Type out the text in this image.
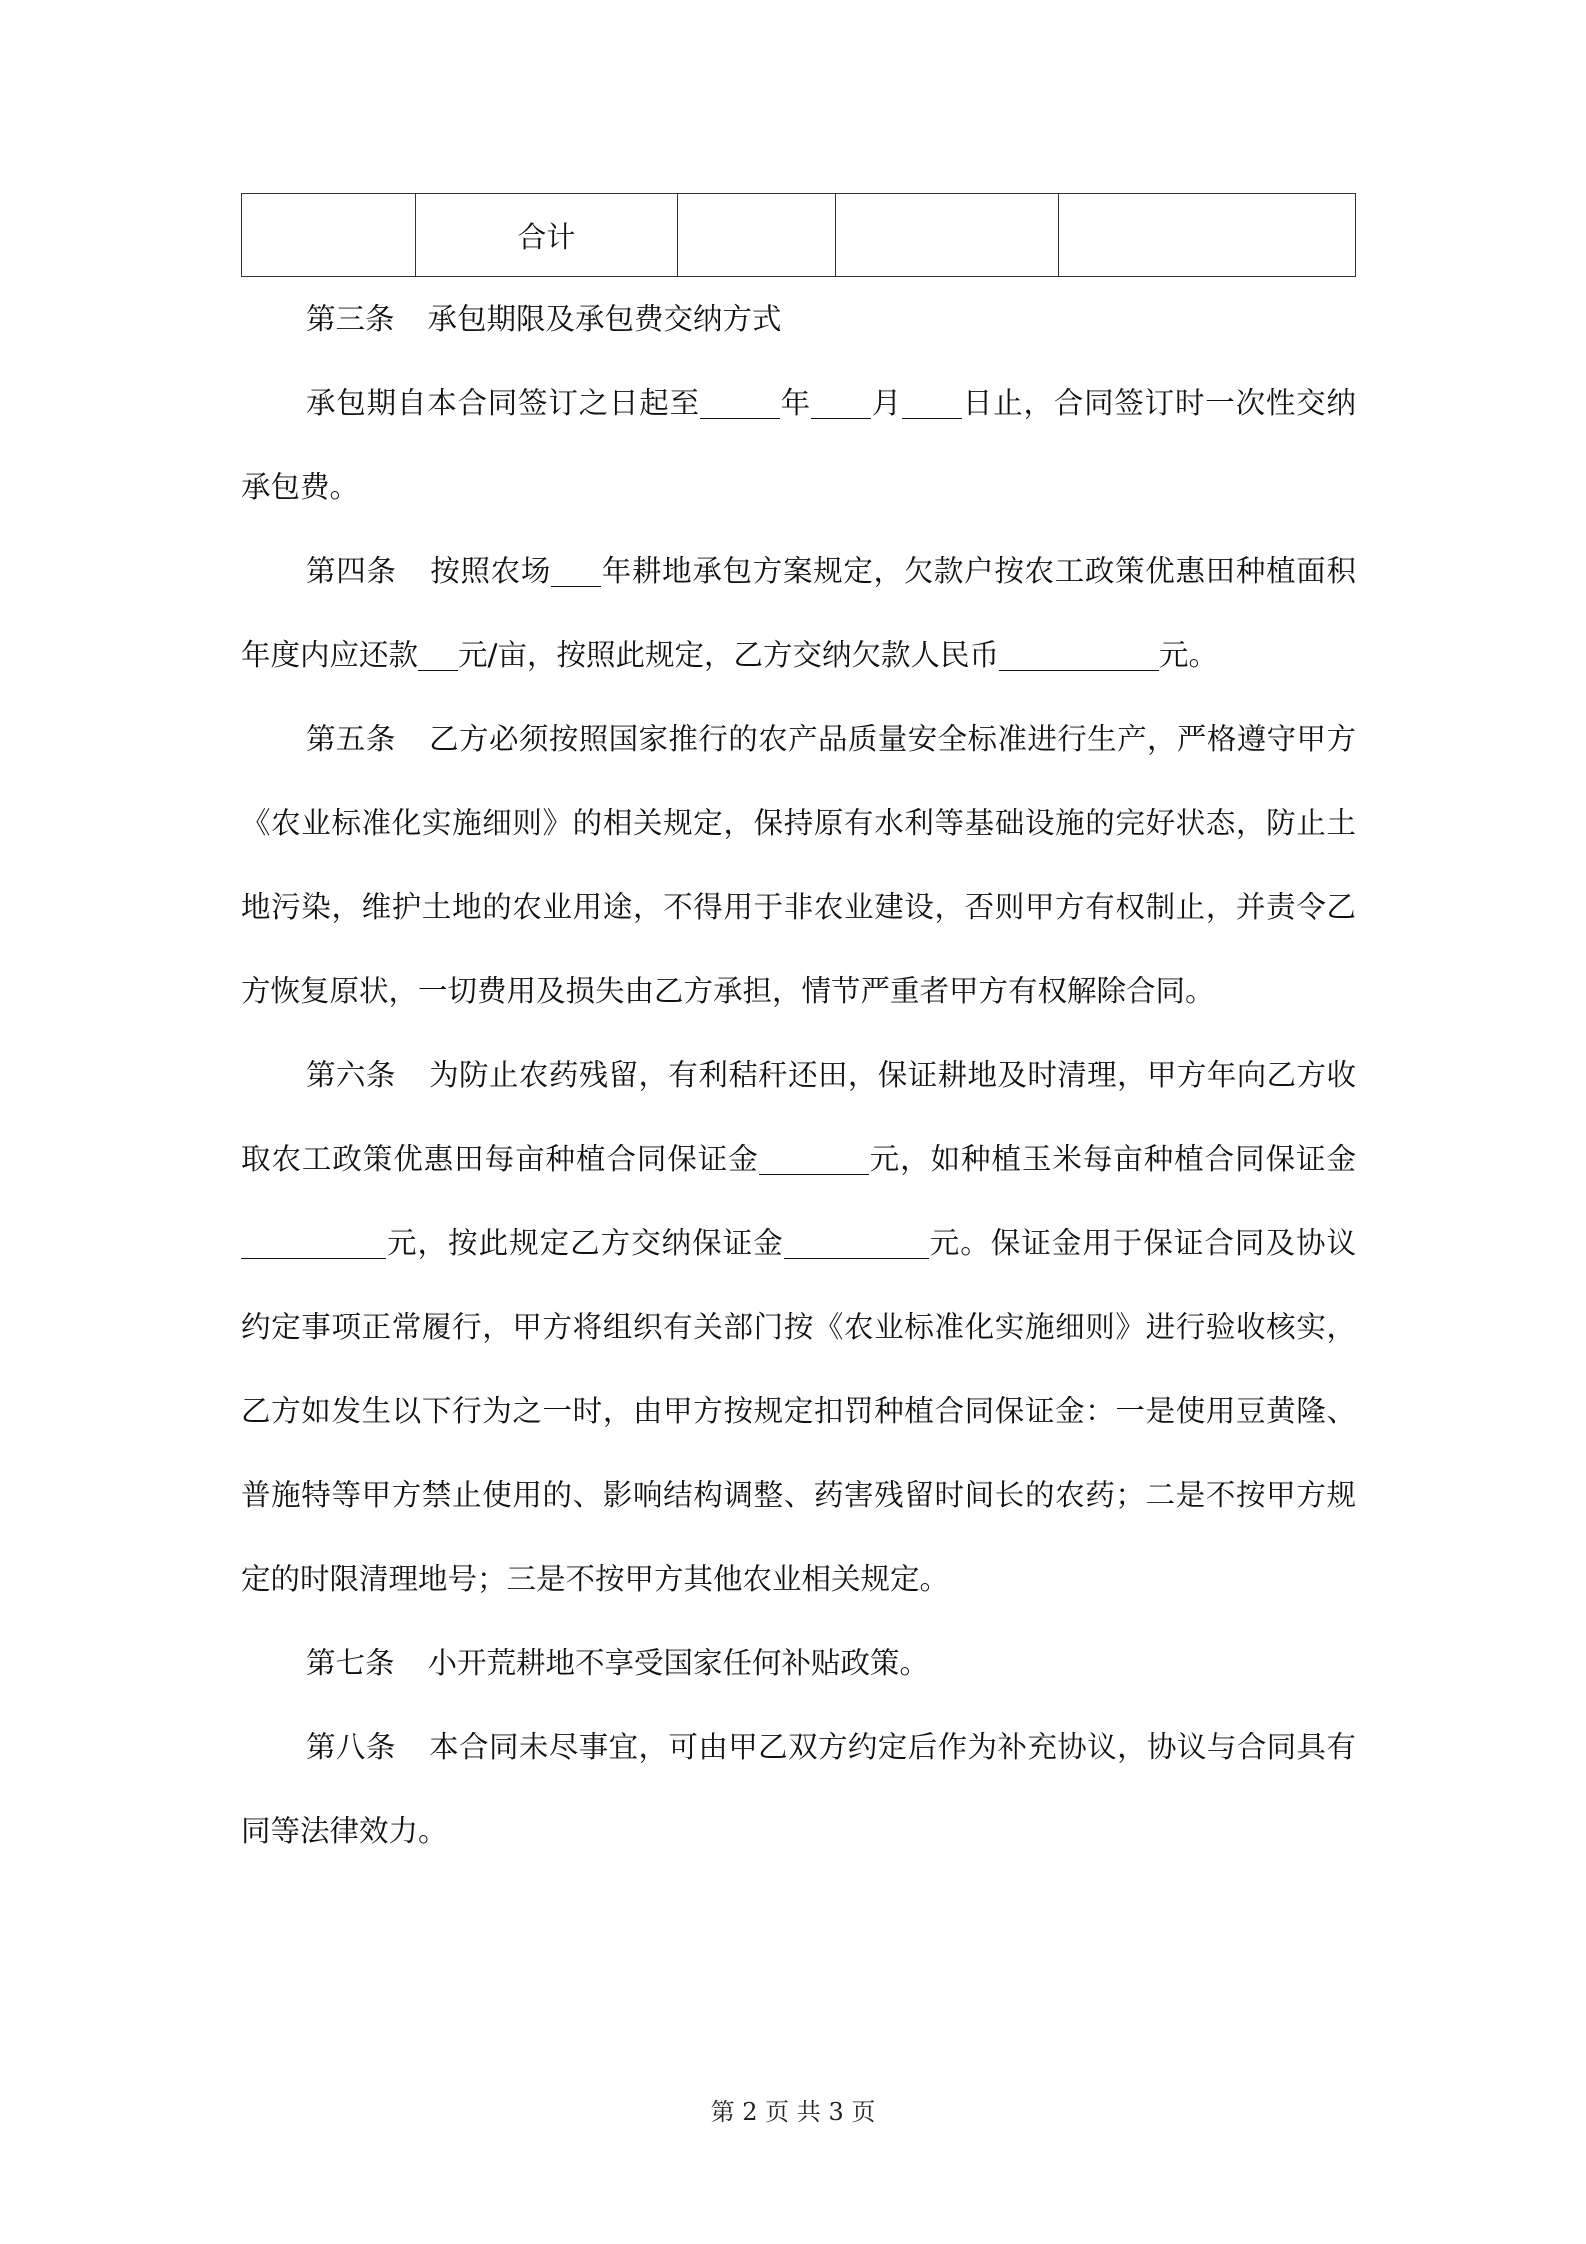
	合计			

第三条 承包期限及承包费交纳方式

承包期自本合同签订之日起至	年 月 日止，合同签订时一次性交纳承包费。

第四条 按照农场 年耕地承包方案规定，欠款户按农工政策优惠田种植面积年度内应还款 元/亩，按照此规定，乙方交纳欠款人民币	元。

第五条 乙方必须按照国家推行的农产品质量安全标准进行生产，严格遵守甲方《农业标准化实施细则》的相关规定，保持原有水利等基础设施的完好状态，防止土地污染，维护土地的农业用途，不得用于非农业建设，否则甲方有权制止，并责令乙方恢复原状，一切费用及损失由乙方承担，情节严重者甲方有权解除合同。

第六条 为防止农药残留，有利秸秆还田，保证耕地及时清理，甲方年向乙方收取农工政策优惠田每亩种植合同保证金	元，如种植玉米每亩种植合同保证金元，按此规定乙方交纳保证金	元。保证金用于保证合同及协议约定事项正常履行，甲方将组织有关部门按《农业标准化实施细则》进行验收核实，乙方如发生以下行为之一时，由甲方按规定扣罚种植合同保证金：一是使用豆黄隆、普施特等甲方禁止使用的、影响结构调整、药害残留时间长的农药；二是不按甲方规定的时限清理地号；三是不按甲方其他农业相关规定。

第七条 小开荒耕地不享受国家任何补贴政策。

第八条 本合同未尽事宜，可由甲乙双方约定后作为补充协议，协议与合同具有同等法律效力。

第 2 页 共 3 页
